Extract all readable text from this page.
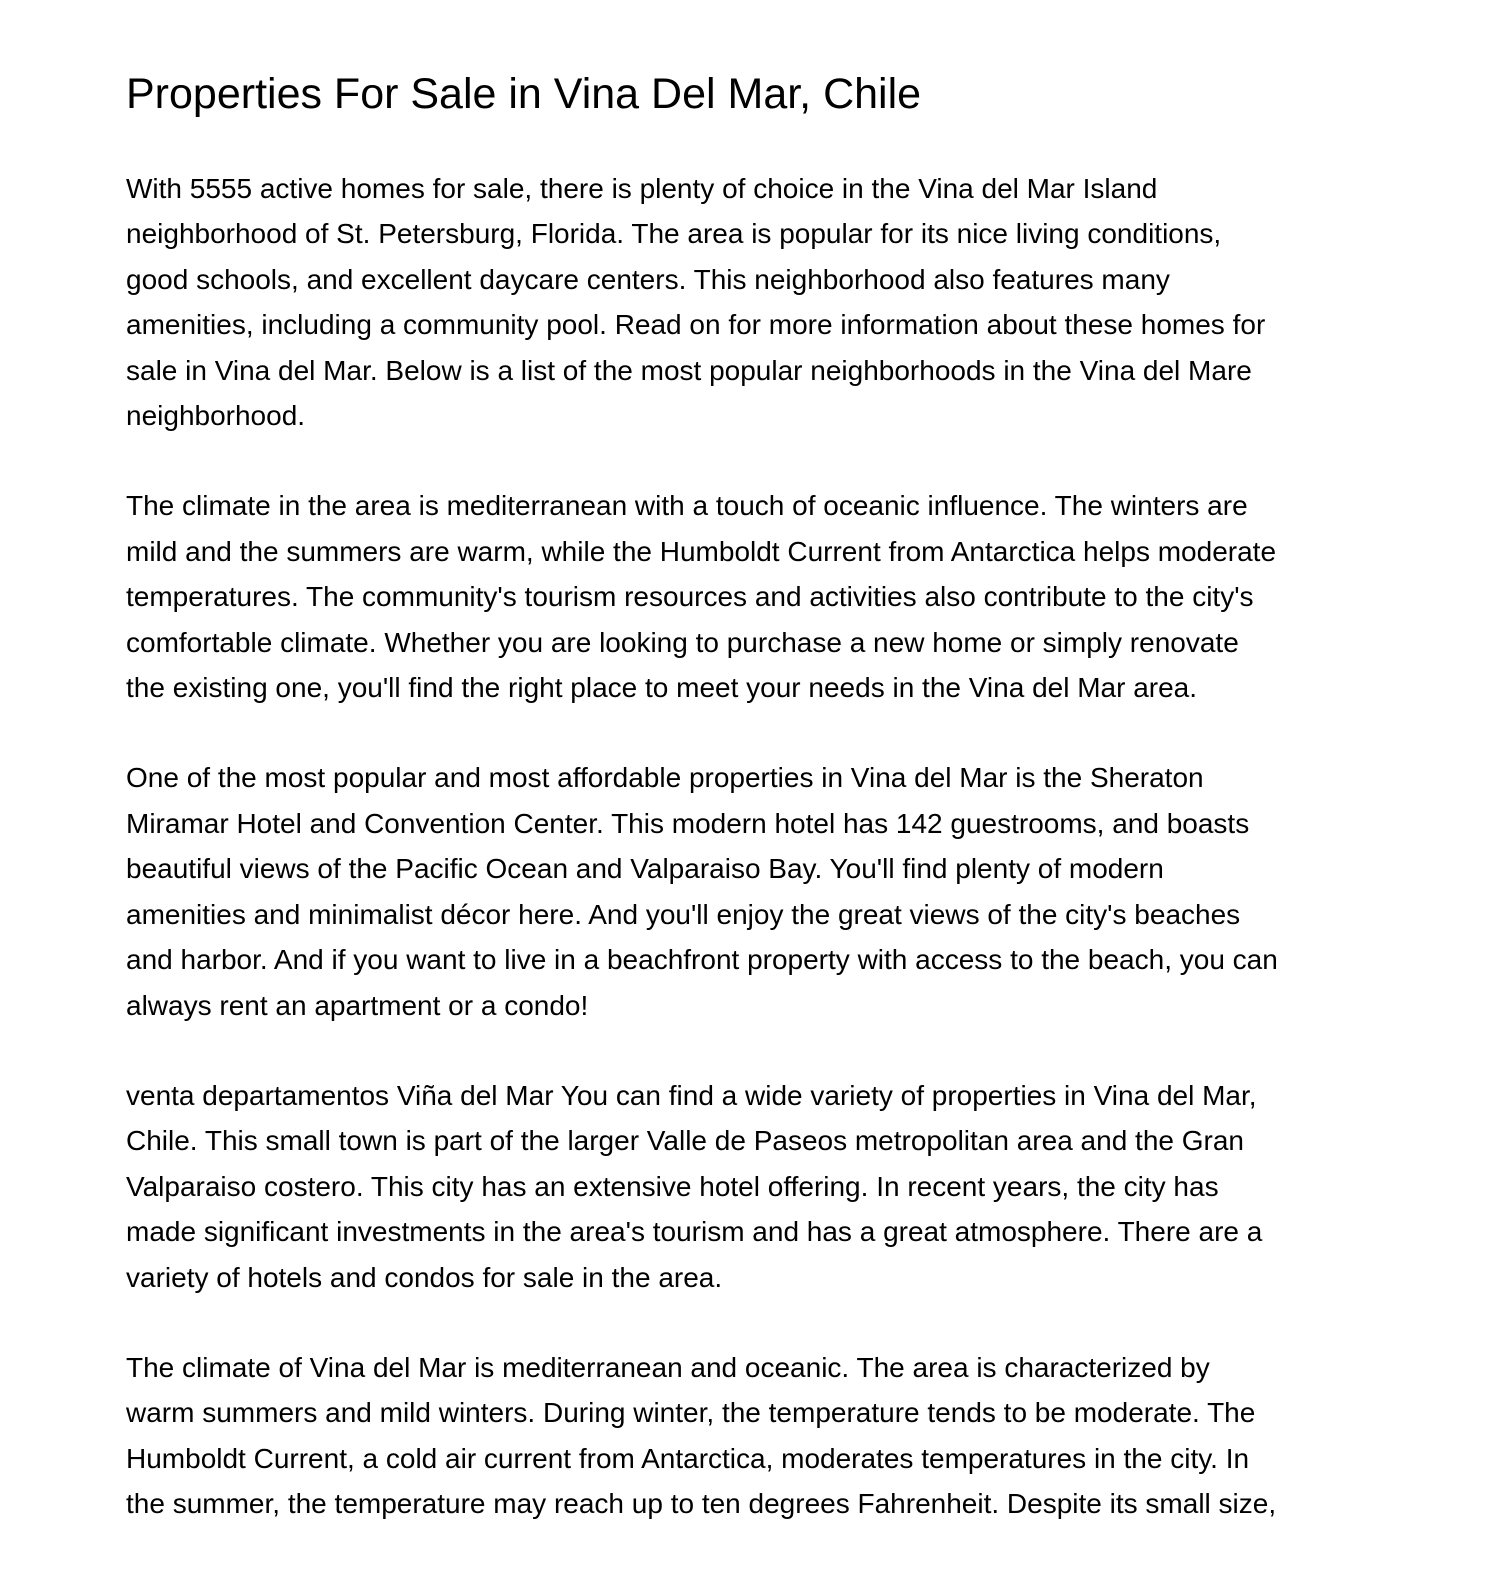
Properties For Sale in Vina Del Mar, Chile

With 5555 active homes for sale, there is plenty of choice in the Vina del Mar Island
neighborhood of St. Petersburg, Florida. The area is popular for its nice living conditions,
good schools, and excellent daycare centers. This neighborhood also features many
amenities, including a community pool. Read on for more information about these homes for
sale in Vina del Mar. Below is a list of the most popular neighborhoods in the Vina del Mare
neighborhood.

The climate in the area is mediterranean with a touch of oceanic influence. The winters are
mild and the summers are warm, while the Humboldt Current from Antarctica helps moderate
temperatures. The community's tourism resources and activities also contribute to the city's
comfortable climate. Whether you are looking to purchase a new home or simply renovate
the existing one, you'll find the right place to meet your needs in the Vina del Mar area.

One of the most popular and most affordable properties in Vina del Mar is the Sheraton
Miramar Hotel and Convention Center. This modern hotel has 142 guestrooms, and boasts
beautiful views of the Pacific Ocean and Valparaiso Bay. You'll find plenty of modern
amenities and minimalist décor here. And you'll enjoy the great views of the city's beaches
and harbor. And if you want to live in a beachfront property with access to the beach, you can
always rent an apartment or a condo!

venta departamentos Viña del Mar You can find a wide variety of properties in Vina del Mar,
Chile. This small town is part of the larger Valle de Paseos metropolitan area and the Gran
Valparaiso costero. This city has an extensive hotel offering. In recent years, the city has
made significant investments in the area's tourism and has a great atmosphere. There are a
variety of hotels and condos for sale in the area.

The climate of Vina del Mar is mediterranean and oceanic. The area is characterized by
warm summers and mild winters. During winter, the temperature tends to be moderate. The
Humboldt Current, a cold air current from Antarctica, moderates temperatures in the city. In
the summer, the temperature may reach up to ten degrees Fahrenheit. Despite its small size,
